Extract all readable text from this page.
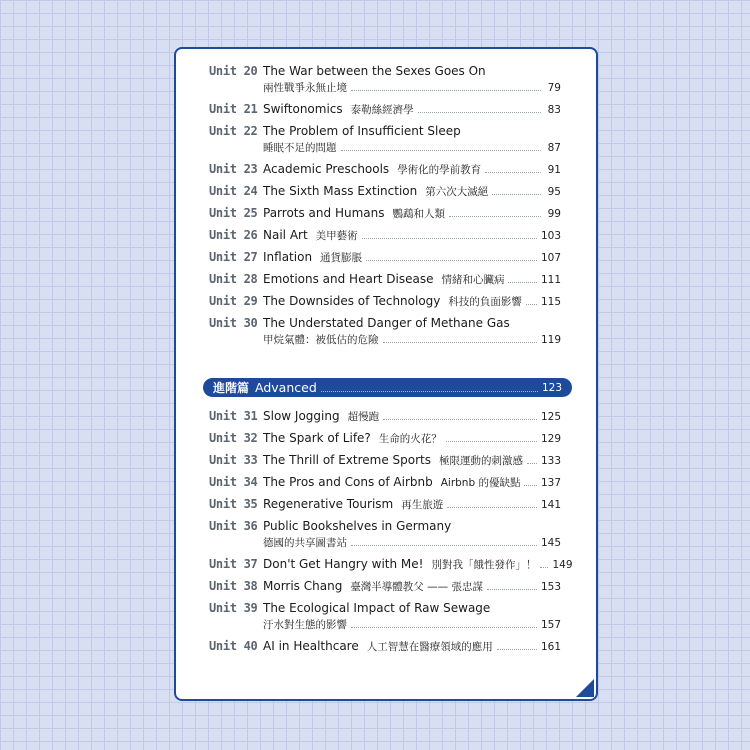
Unit 20 The War between the Sexes Goes On
兩性戰爭永無止境	79
Unit 21 Swiftonomics 泰勒絲經濟學	83
Unit 22 The Problem of Insufficient Sleep
睡眠不足的問題	87
Unit 23 Academic Preschools 學術化的學前教育	91
Unit 24 The Sixth Mass Extinction 第六次大滅絕	95
Unit 25 Parrots and Humans 鸚鵡和人類	99
Unit 26 Nail Art 美甲藝術	103
Unit 27 Inflation 通貨膨脹	107
Unit 28 Emotions and Heart Disease 情緒和心臟病	111
Unit 29 The Downsides of Technology 科技的負面影響 115
Unit 30 The Understated Danger of Methane Gas
甲烷氣體：被低估的危險	119
進階篇 Advanced	123
Unit 31 Slow Jogging 超慢跑	125
Unit 32 The Spark of Life? 生命的火花？	129
Unit 33 The Thrill of Extreme Sports 極限運動的刺激感 133
Unit 34 The Pros and Cons of Airbnb Airbnb 的優缺點 137
Unit 35 Regenerative Tourism 再生旅遊	141
Unit 36 Public Bookshelves in Germany
德國的共享圖書站	145
Unit 37 Don't Get Hangry with Me! 別對我「餓性發作」！ 149
Unit 38 Morris Chang 臺灣半導體教父 —— 張忠謀	153
Unit 39 The Ecological Impact of Raw Sewage
汙水對生態的影響	157
Unit 40 AI in Healthcare 人工智慧在醫療領域的應用	161
